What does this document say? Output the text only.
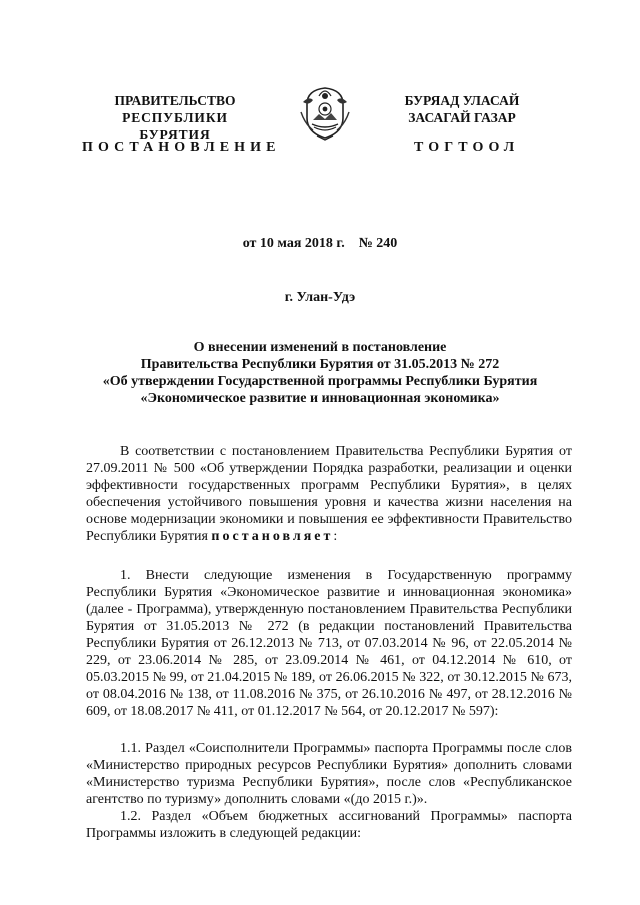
ПРАВИТЕЛЬСТВО
РЕСПУБЛИКИ БУРЯТИЯ
БУРЯАД УЛАСАЙ
ЗАСАГАЙ ГАЗАР
ПОСТАНОВЛЕНИЕ	ТОГТООЛ
от 10 мая 2018 г. № 240
г. Улан-Удэ
О внесении изменений в постановление
Правительства Республики Бурятия от 31.05.2013 № 272
«Об утверждении Государственной программы Республики Бурятия
«Экономическое развитие и инновационная экономика»

В соответствии с постановлением Правительства Республики Бурятия от 27.09.2011 № 500 «Об утверждении Порядка разработки, реализации и оценки эффективности государственных программ Республики Бурятия», в целях обеспечения устойчивого повышения уровня и качества жизни населения на основе модернизации экономики и повышения ее эффективности Правительство Республики Бурятия постановляет:

1. Внести следующие изменения в Государственную программу Республики Бурятия «Экономическое развитие и инновационная экономика» (далее - Программа), утвержденную постановлением Правительства Республики Бурятия от 31.05.2013 № 272 (в редакции постановлений Правительства Республики Бурятия от 26.12.2013 № 713, от 07.03.2014 № 96, от 22.05.2014 № 229, от 23.06.2014 № 285, от 23.09.2014 № 461, от 04.12.2014 № 610, от 05.03.2015 № 99, от 21.04.2015 № 189, от 26.06.2015 № 322, от 30.12.2015 № 673, от 08.04.2016 № 138, от 11.08.2016 № 375, от 26.10.2016 № 497, от 28.12.2016 № 609, от 18.08.2017 № 411, от 01.12.2017 № 564, от 20.12.2017 № 597):

1.1. Раздел «Соисполнители Программы» паспорта Программы после слов «Министерство природных ресурсов Республики Бурятия» дополнить словами «Министерство туризма Республики Бурятия», после слов «Республиканское агентство по туризму» дополнить словами «(до 2015 г.)».

1.2. Раздел «Объем бюджетных ассигнований Программы» паспорта Программы изложить в следующей редакции:
